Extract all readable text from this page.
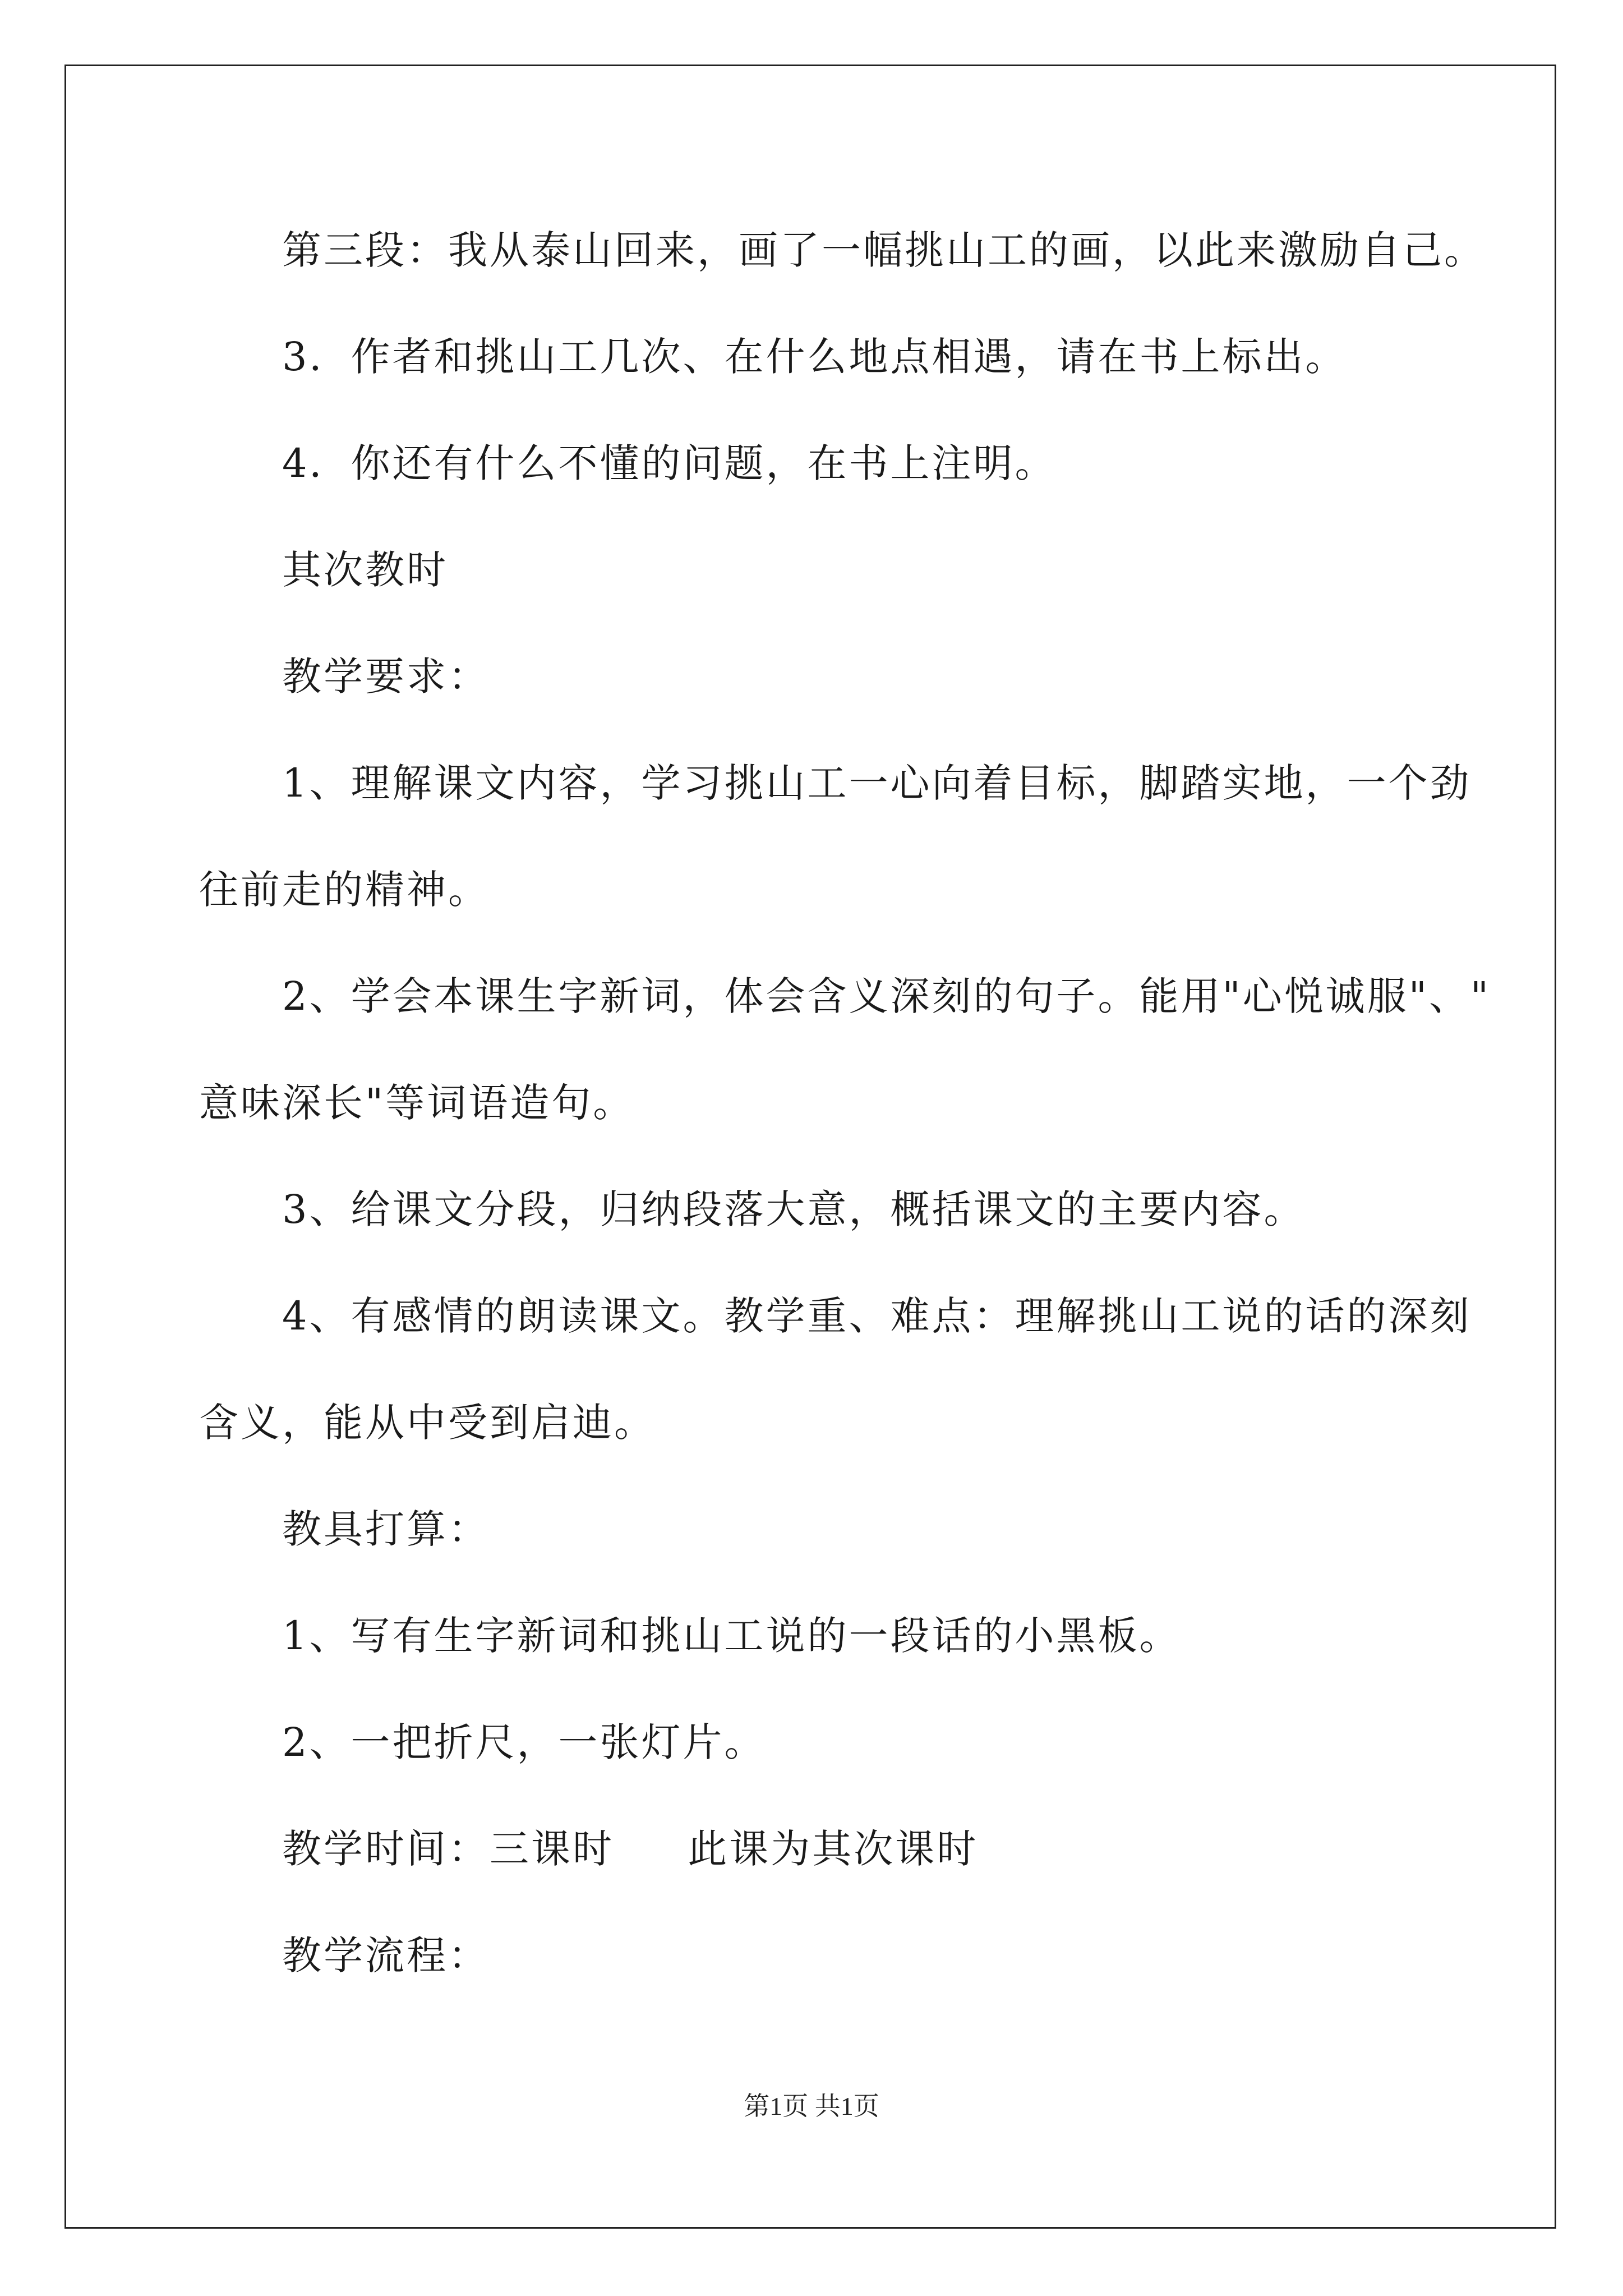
第三段：我从泰山回来，画了一幅挑山工的画，以此来激励自己。

3．作者和挑山工几次、在什么地点相遇，请在书上标出。

4．你还有什么不懂的问题，在书上注明。

其次教时

教学要求：

1、理解课文内容，学习挑山工一心向着目标，脚踏实地，一个劲

往前走的精神。

2、学会本课生字新词，体会含义深刻的句子。能用"心悦诚服"、"

意味深长"等词语造句。

3、给课文分段，归纳段落大意，概括课文的主要内容。

4、有感情的朗读课文。教学重、难点：理解挑山工说的话的深刻

含义，能从中受到启迪。

教具打算：

1、写有生字新词和挑山工说的一段话的小黑板。

2、一把折尺，一张灯片。

教学时间：三课时     此课为其次课时

教学流程：

第1页 共1页
